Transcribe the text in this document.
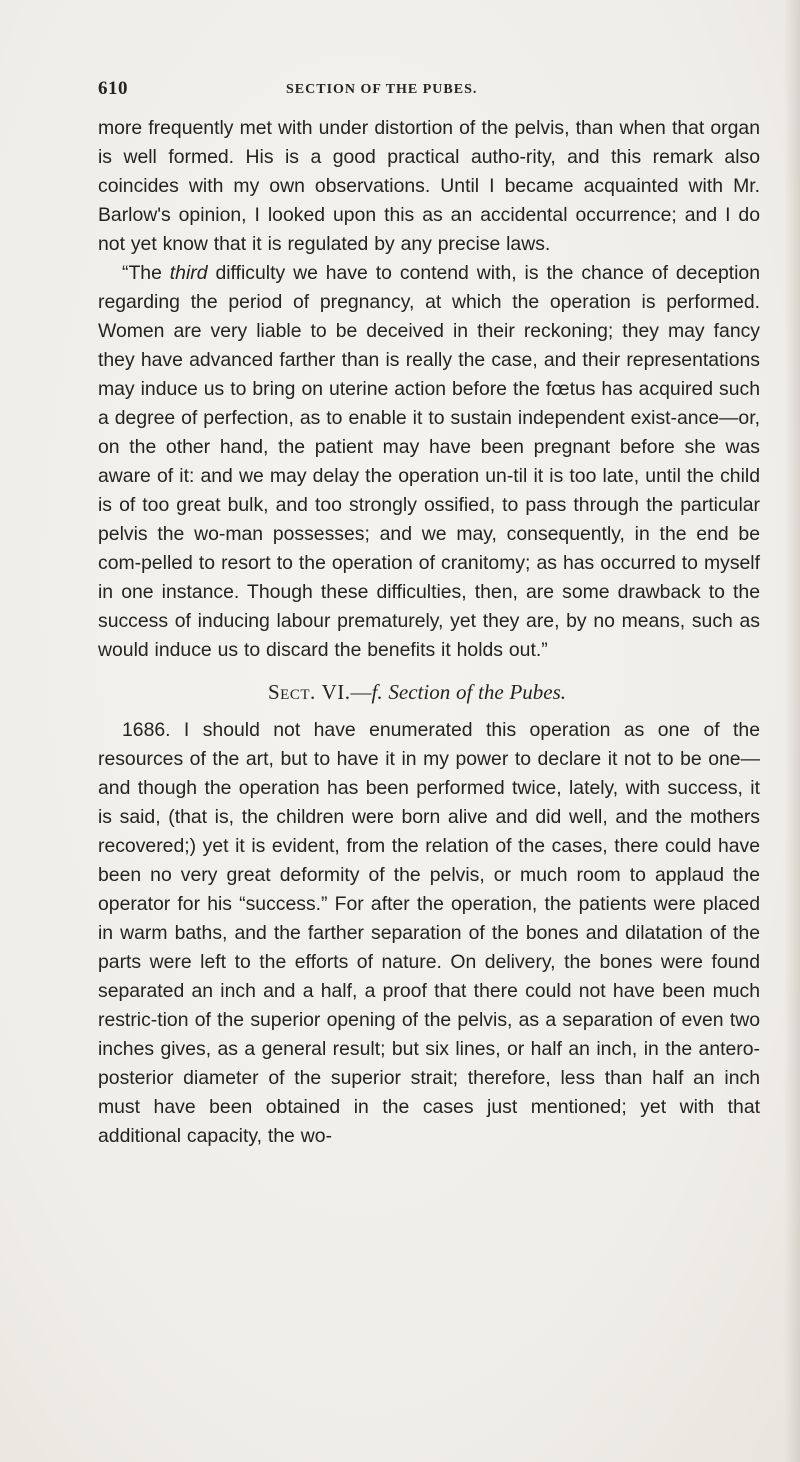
610	SECTION OF THE PUBES.

more frequently met with under distortion of the pelvis, than when that organ is well formed. His is a good practical autho-rity, and this remark also coincides with my own observations. Until I became acquainted with Mr. Barlow's opinion, I looked upon this as an accidental occurrence; and I do not yet know that it is regulated by any precise laws.

“The third difficulty we have to contend with, is the chance of deception regarding the period of pregnancy, at which the operation is performed. Women are very liable to be deceived in their reckoning; they may fancy they have advanced farther than is really the case, and their representations may induce us to bring on uterine action before the fœtus has acquired such a degree of perfection, as to enable it to sustain independent exist-ance—or, on the other hand, the patient may have been pregnant before she was aware of it: and we may delay the operation un-til it is too late, until the child is of too great bulk, and too strongly ossified, to pass through the particular pelvis the wo-man possesses; and we may, consequently, in the end be com-pelled to resort to the operation of cranitomy; as has occurred to myself in one instance. Though these difficulties, then, are some drawback to the success of inducing labour prematurely, yet they are, by no means, such as would induce us to discard the benefits it holds out.”

Sect. VI.—f. Section of the Pubes.

1686. I should not have enumerated this operation as one of the resources of the art, but to have it in my power to declare it not to be one—and though the operation has been performed twice, lately, with success, it is said, (that is, the children were born alive and did well, and the mothers recovered;) yet it is evident, from the relation of the cases, there could have been no very great deformity of the pelvis, or much room to applaud the operator for his “success.” For after the operation, the patients were placed in warm baths, and the farther separation of the bones and dilatation of the parts were left to the efforts of nature. On delivery, the bones were found separated an inch and a half, a proof that there could not have been much restric-tion of the superior opening of the pelvis, as a separation of even two inches gives, as a general result; but six lines, or half an inch, in the antero-posterior diameter of the superior strait; therefore, less than half an inch must have been obtained in the cases just mentioned; yet with that additional capacity, the wo-
